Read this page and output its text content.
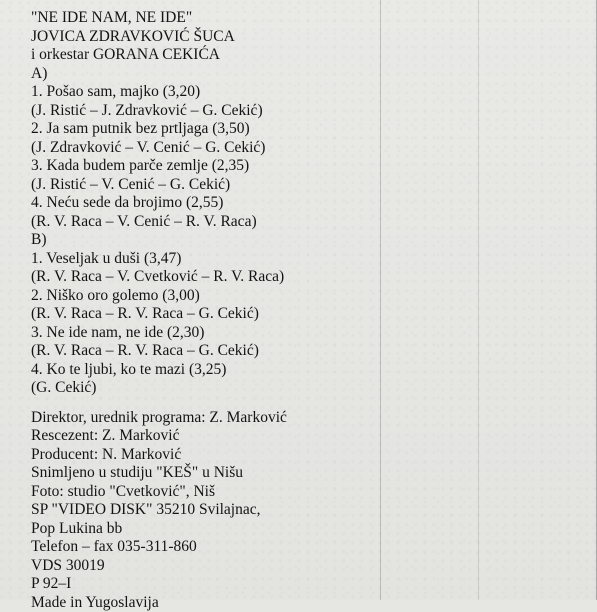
"NE IDE NAM, NE IDE"
JOVICA ZDRAVKOVIĆ ŠUCA
i orkestar GORANA CEKIĆA
A)
1. Pošao sam, majko (3,20)
(J. Ristić – J. Zdravković – G. Cekić)
2. Ja sam putnik bez prtljaga (3,50)
(J. Zdravković – V. Cenić – G. Cekić)
3. Kada budem parče zemlje (2,35)
(J. Ristić – V. Cenić – G. Cekić)
4. Neću sede da brojimo (2,55)
(R. V. Raca – V. Cenić – R. V. Raca)
B)
1. Veseljak u duši (3,47)
(R. V. Raca – V. Cvetković – R. V. Raca)
2. Niško oro golemo (3,00)
(R. V. Raca – R. V. Raca – G. Cekić)
3. Ne ide nam, ne ide (2,30)
(R. V. Raca – R. V. Raca – G. Cekić)
4. Ko te ljubi, ko te mazi (3,25)
(G. Cekić)
Direktor, urednik programa: Z. Marković
Rescezent: Z. Marković
Producent: N. Marković
Snimljeno u studiju "KEŠ" u Nišu
Foto: studio "Cvetković", Niš
SP "VIDEO DISK" 35210 Svilajnac,
Pop Lukina bb
Telefon – fax 035-311-860
VDS 30019
P 92–I
Made in Yugoslavija
